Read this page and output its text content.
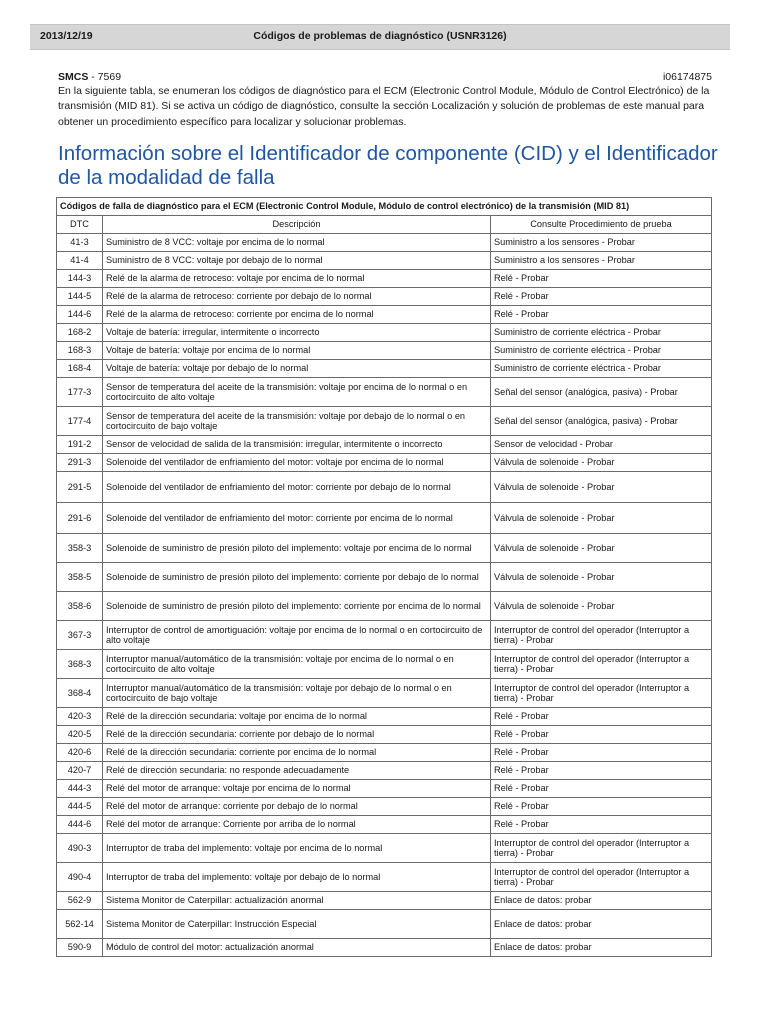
2013/12/19	Códigos de problemas de diagnóstico (USNR3126)
SMCS - 7569	i06174875

En la siguiente tabla, se enumeran los códigos de diagnóstico para el ECM (Electronic Control Module, Módulo de Control Electrónico) de la transmisión (MID 81). Si se activa un código de diagnóstico, consulte la sección Localización y solución de problemas de este manual para obtener un procedimiento específico para localizar y solucionar problemas.

Información sobre el Identificador de componente (CID) y el Identificador de la modalidad de falla
Códigos de falla de diagnóstico para el ECM (Electronic Control Module, Módulo de control electrónico) de la transmisión (MID 81)		
DTC	Descripción	Consulte Procedimiento de prueba
41-3	Suministro de 8 VCC: voltaje por encima de lo normal	Suministro a los sensores - Probar
41-4	Suministro de 8 VCC: voltaje por debajo de lo normal	Suministro a los sensores - Probar
144-3	Relé de la alarma de retroceso: voltaje por encima de lo normal	Relé - Probar
144-5	Relé de la alarma de retroceso: corriente por debajo de lo normal	Relé - Probar
144-6	Relé de la alarma de retroceso: corriente por encima de lo normal	Relé - Probar
168-2	Voltaje de batería: irregular, intermitente o incorrecto	Suministro de corriente eléctrica - Probar
168-3	Voltaje de batería: voltaje por encima de lo normal	Suministro de corriente eléctrica - Probar
168-4	Voltaje de batería: voltaje por debajo de lo normal	Suministro de corriente eléctrica - Probar
177-3	Sensor de temperatura del aceite de la transmisión: voltaje por encima de lo normal o en cortocircuito de alto voltaje	Señal del sensor (analógica, pasiva) - Probar
177-4	Sensor de temperatura del aceite de la transmisión: voltaje por debajo de lo normal o en cortocircuito de bajo voltaje	Señal del sensor (analógica, pasiva) - Probar
191-2	Sensor de velocidad de salida de la transmisión: irregular, intermitente o incorrecto	Sensor de velocidad - Probar
291-3	Solenoide del ventilador de enfriamiento del motor: voltaje por encima de lo normal	Válvula de solenoide - Probar
291-5	Solenoide del ventilador de enfriamiento del motor: corriente por debajo de lo normal	Válvula de solenoide - Probar
291-6	Solenoide del ventilador de enfriamiento del motor: corriente por encima de lo normal	Válvula de solenoide - Probar
358-3	Solenoide de suministro de presión piloto del implemento: voltaje por encima de lo normal	Válvula de solenoide - Probar
358-5	Solenoide de suministro de presión piloto del implemento: corriente por debajo de lo normal	Válvula de solenoide - Probar
358-6	Solenoide de suministro de presión piloto del implemento: corriente por encima de lo normal	Válvula de solenoide - Probar
367-3	Interruptor de control de amortiguación: voltaje por encima de lo normal o en cortocircuito de alto voltaje	Interruptor de control del operador (Interruptor a tierra) - Probar
368-3	Interruptor manual/automático de la transmisión: voltaje por encima de lo normal o en cortocircuito de alto voltaje	Interruptor de control del operador (Interruptor a tierra) - Probar
368-4	Interruptor manual/automático de la transmisión: voltaje por debajo de lo normal o en cortocircuito de bajo voltaje	Interruptor de control del operador (Interruptor a tierra) - Probar
420-3	Relé de la dirección secundaria: voltaje por encima de lo normal	Relé - Probar
420-5	Relé de la dirección secundaria: corriente por debajo de lo normal	Relé - Probar
420-6	Relé de la dirección secundaria: corriente por encima de lo normal	Relé - Probar
420-7	Relé de dirección secundaria: no responde adecuadamente	Relé - Probar
444-3	Relé del motor de arranque: voltaje por encima de lo normal	Relé - Probar
444-5	Relé del motor de arranque: corriente por debajo de lo normal	Relé - Probar
444-6	Relé del motor de arranque: Corriente por arriba de lo normal	Relé - Probar
490-3	Interruptor de traba del implemento: voltaje por encima de lo normal	Interruptor de control del operador (Interruptor a tierra) - Probar
490-4	Interruptor de traba del implemento: voltaje por debajo de lo normal	Interruptor de control del operador (Interruptor a tierra) - Probar
562-9	Sistema Monitor de Caterpillar: actualización anormal	Enlace de datos: probar
562-14	Sistema Monitor de Caterpillar: Instrucción Especial	Enlace de datos: probar
590-9	Módulo de control del motor: actualización anormal	Enlace de datos: probar
